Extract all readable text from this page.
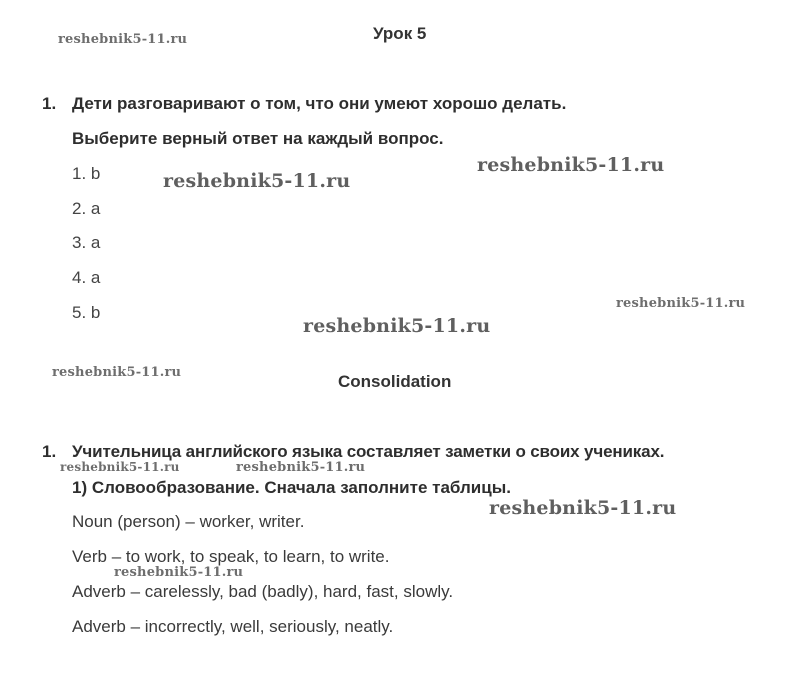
Урок 5
1. Дети разговаривают о том, что они умеют хорошо делать.
Выберите верный ответ на каждый вопрос.
1. b
2. a
3. a
4. a
5. b
Consolidation
1. Учительница английского языка составляет заметки о своих учениках.
1) Словообразование. Сначала заполните таблицы.
Noun (person) – worker, writer.
Verb – to work, to speak, to learn, to write.
Adverb – carelessly, bad (badly), hard, fast, slowly.
Adverb – incorrectly, well, seriously, neatly.
reshebnik5-11.ru
reshebnik5-11.ru
reshebnik5-11.ru
reshebnik5-11.ru
reshebnik5-11.ru
reshebnik5-11.ru
reshebnik5-11.ru	reshebnik5-11.ru
reshebnik5-11.ru
reshebnik5-11.ru
